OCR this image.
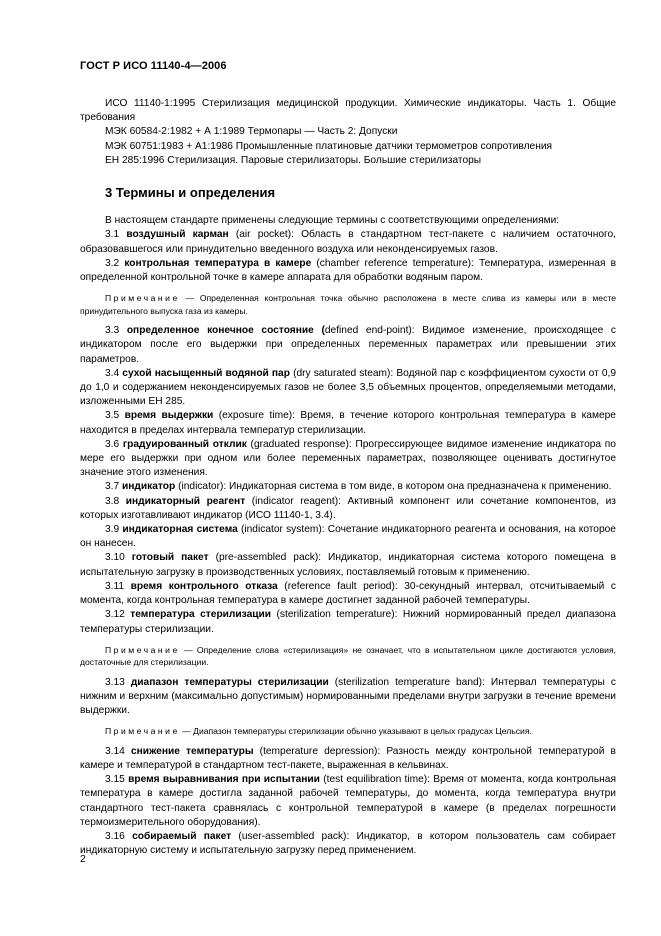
ГОСТ Р ИСО 11140-4—2006

ИСО 11140-1:1995 Стерилизация медицинской продукции. Химические индикаторы. Часть 1. Общие требования

МЭК 60584-2:1982 + А 1:1989 Термопары — Часть 2: Допуски

МЭК 60751:1983 + А1:1986 Промышленные платиновые датчики термометров сопротивления

ЕН 285:1996 Стерилизация. Паровые стерилизаторы. Большие стерилизаторы

3 Термины и определения

В настоящем стандарте применены следующие термины с соответствующими определениями:

3.1 воздушный карман (air pocket): Область в стандартном тест-пакете с наличием остаточного, образовавшегося или принудительно введенного воздуха или неконденсируемых газов.

3.2 контрольная температура в камере (chamber reference temperature): Температура, измеренная в определенной контрольной точке в камере аппарата для обработки водяным паром.

Примечание — Определенная контрольная точка обычно расположена в месте слива из камеры или в месте принудительного выпуска газа из камеры.

3.3 определенное конечное состояние (defined end-point): Видимое изменение, происходящее с индикатором после его выдержки при определенных переменных параметрах или превышении этих параметров.

3.4 сухой насыщенный водяной пар (dry saturated steam): Водяной пар с коэффициентом сухости от 0,9 до 1,0 и содержанием неконденсируемых газов не более 3,5 объемных процентов, определяемыми методами, изложенными ЕН 285.

3.5 время выдержки (exposure time): Время, в течение которого контрольная температура в камере находится в пределах интервала температур стерилизации.

3.6 градуированный отклик (graduated response): Прогрессирующее видимое изменение индикатора по мере его выдержки при одном или более переменных параметрах, позволяющее оценивать достигнутое значение этого изменения.

3.7 индикатор (indicator): Индикаторная система в том виде, в котором она предназначена к применению.

3.8 индикаторный реагент (indicator reagent): Активный компонент или сочетание компонентов, из которых изготавливают индикатор (ИСО 11140-1, 3.4).

3.9 индикаторная система (indicator system): Сочетание индикаторного реагента и основания, на которое он нанесен.

3.10 готовый пакет (pre-assembled pack): Индикатор, индикаторная система которого помещена в испытательную загрузку в производственных условиях, поставляемый готовым к применению.

3.11 время контрольного отказа (reference fault period): 30-секундный интервал, отсчитываемый с момента, когда контрольная температура в камере достигнет заданной рабочей температуры.

3.12 температура стерилизации (sterilization temperature): Нижний нормированный предел диапазона температуры стерилизации.

Примечание — Определение слова «стерилизация» не означает, что в испытательном цикле достигаются условия, достаточные для стерилизации.

3.13 диапазон температуры стерилизации (sterilization temperature band): Интервал температуры с нижним и верхним (максимально допустимым) нормированными пределами внутри загрузки в течение времени выдержки.

Примечание — Диапазон температуры стерилизации обычно указывают в целых градусах Цельсия.

3.14 снижение температуры (temperature depression): Разность между контрольной температурой в камере и температурой в стандартном тест-пакете, выраженная в кельвинах.

3.15 время выравнивания при испытании (test equilibration time): Время от момента, когда контрольная температура в камере достигла заданной рабочей температуры, до момента, когда температура внутри стандартного тест-пакета сравнялась с контрольной температурой в камере (в пределах погрешности термоизмерительного оборудования).

3.16 собираемый пакет (user-assembled pack): Индикатор, в котором пользователь сам собирает индикаторную систему и испытательную загрузку перед применением.

2
